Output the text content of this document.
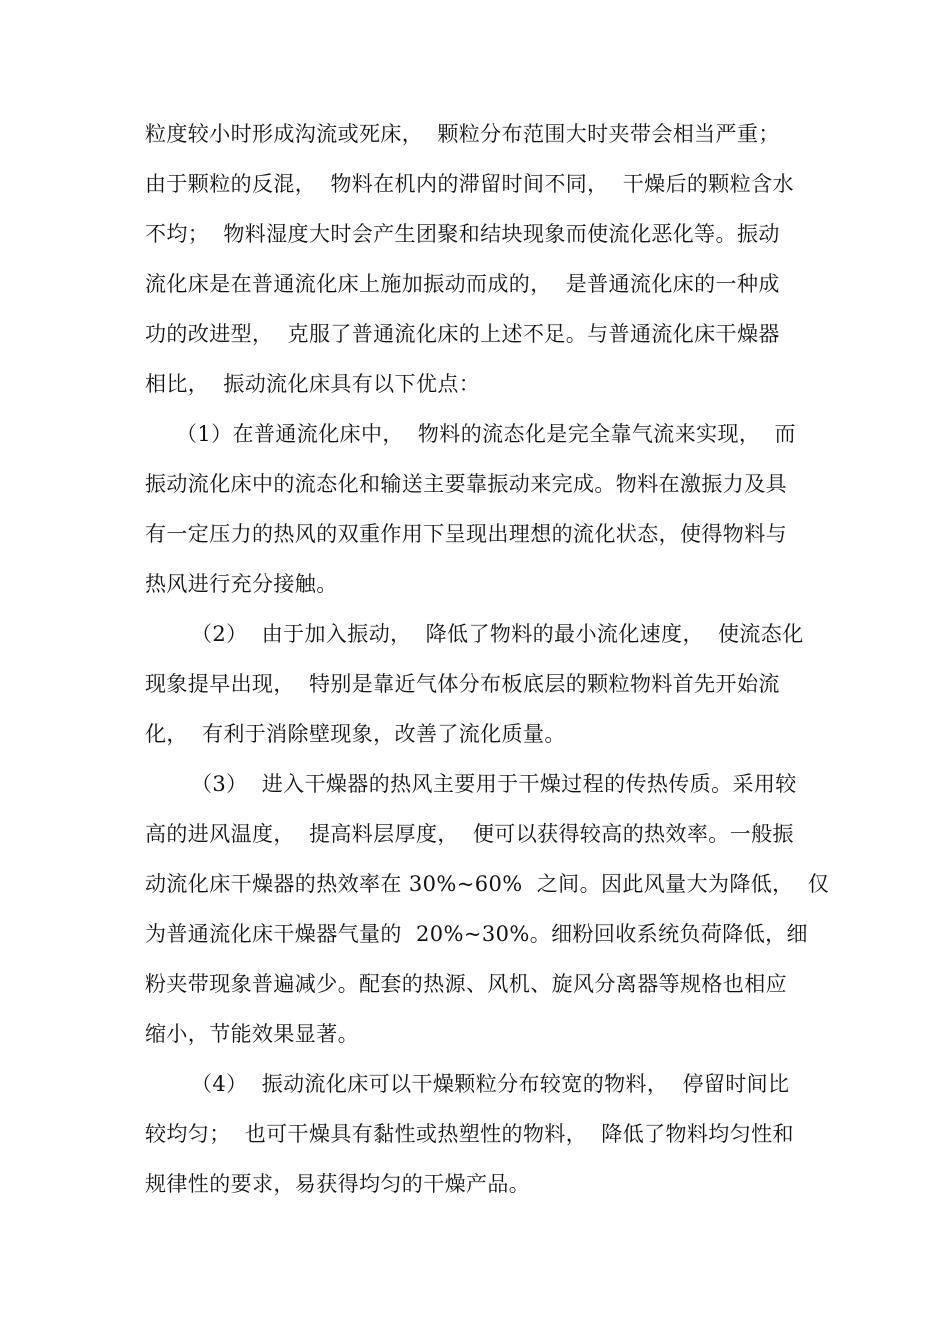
粒度较小时形成沟流或死床，  颗粒分布范围大时夹带会相当严重；
由于颗粒的反混，  物料在机内的滞留时间不同，  干燥后的颗粒含水
不均；  物料湿度大时会产生团聚和结块现象而使流化恶化等。振动
流化床是在普通流化床上施加振动而成的，  是普通流化床的一种成
功的改进型，  克服了普通流化床的上述不足。与普通流化床干燥器
相比，  振动流化床具有以下优点：
（1）在普通流化床中，  物料的流态化是完全靠气流来实现，  而
振动流化床中的流态化和输送主要靠振动来完成。物料在激振力及具
有一定压力的热风的双重作用下呈现出理想的流化状态，使得物料与
热风进行充分接触。
（2）  由于加入振动，  降低了物料的最小流化速度，  使流态化
现象提早出现，  特别是靠近气体分布板底层的颗粒物料首先开始流
化，  有利于消除壁现象，改善了流化质量。
（3）  进入干燥器的热风主要用于干燥过程的传热传质。采用较
高的进风温度，  提高料层厚度，  便可以获得较高的热效率。一般振
动流化床干燥器的热效率在 30%~60%  之间。因此风量大为降低，  仅
为普通流化床干燥器气量的  20%~30%。细粉回收系统负荷降低，细
粉夹带现象普遍减少。配套的热源、风机、旋风分离器等规格也相应
缩小，节能效果显著。
（4）  振动流化床可以干燥颗粒分布较宽的物料，  停留时间比
较均匀；  也可干燥具有黏性或热塑性的物料，  降低了物料均匀性和
规律性的要求，易获得均匀的干燥产品。
